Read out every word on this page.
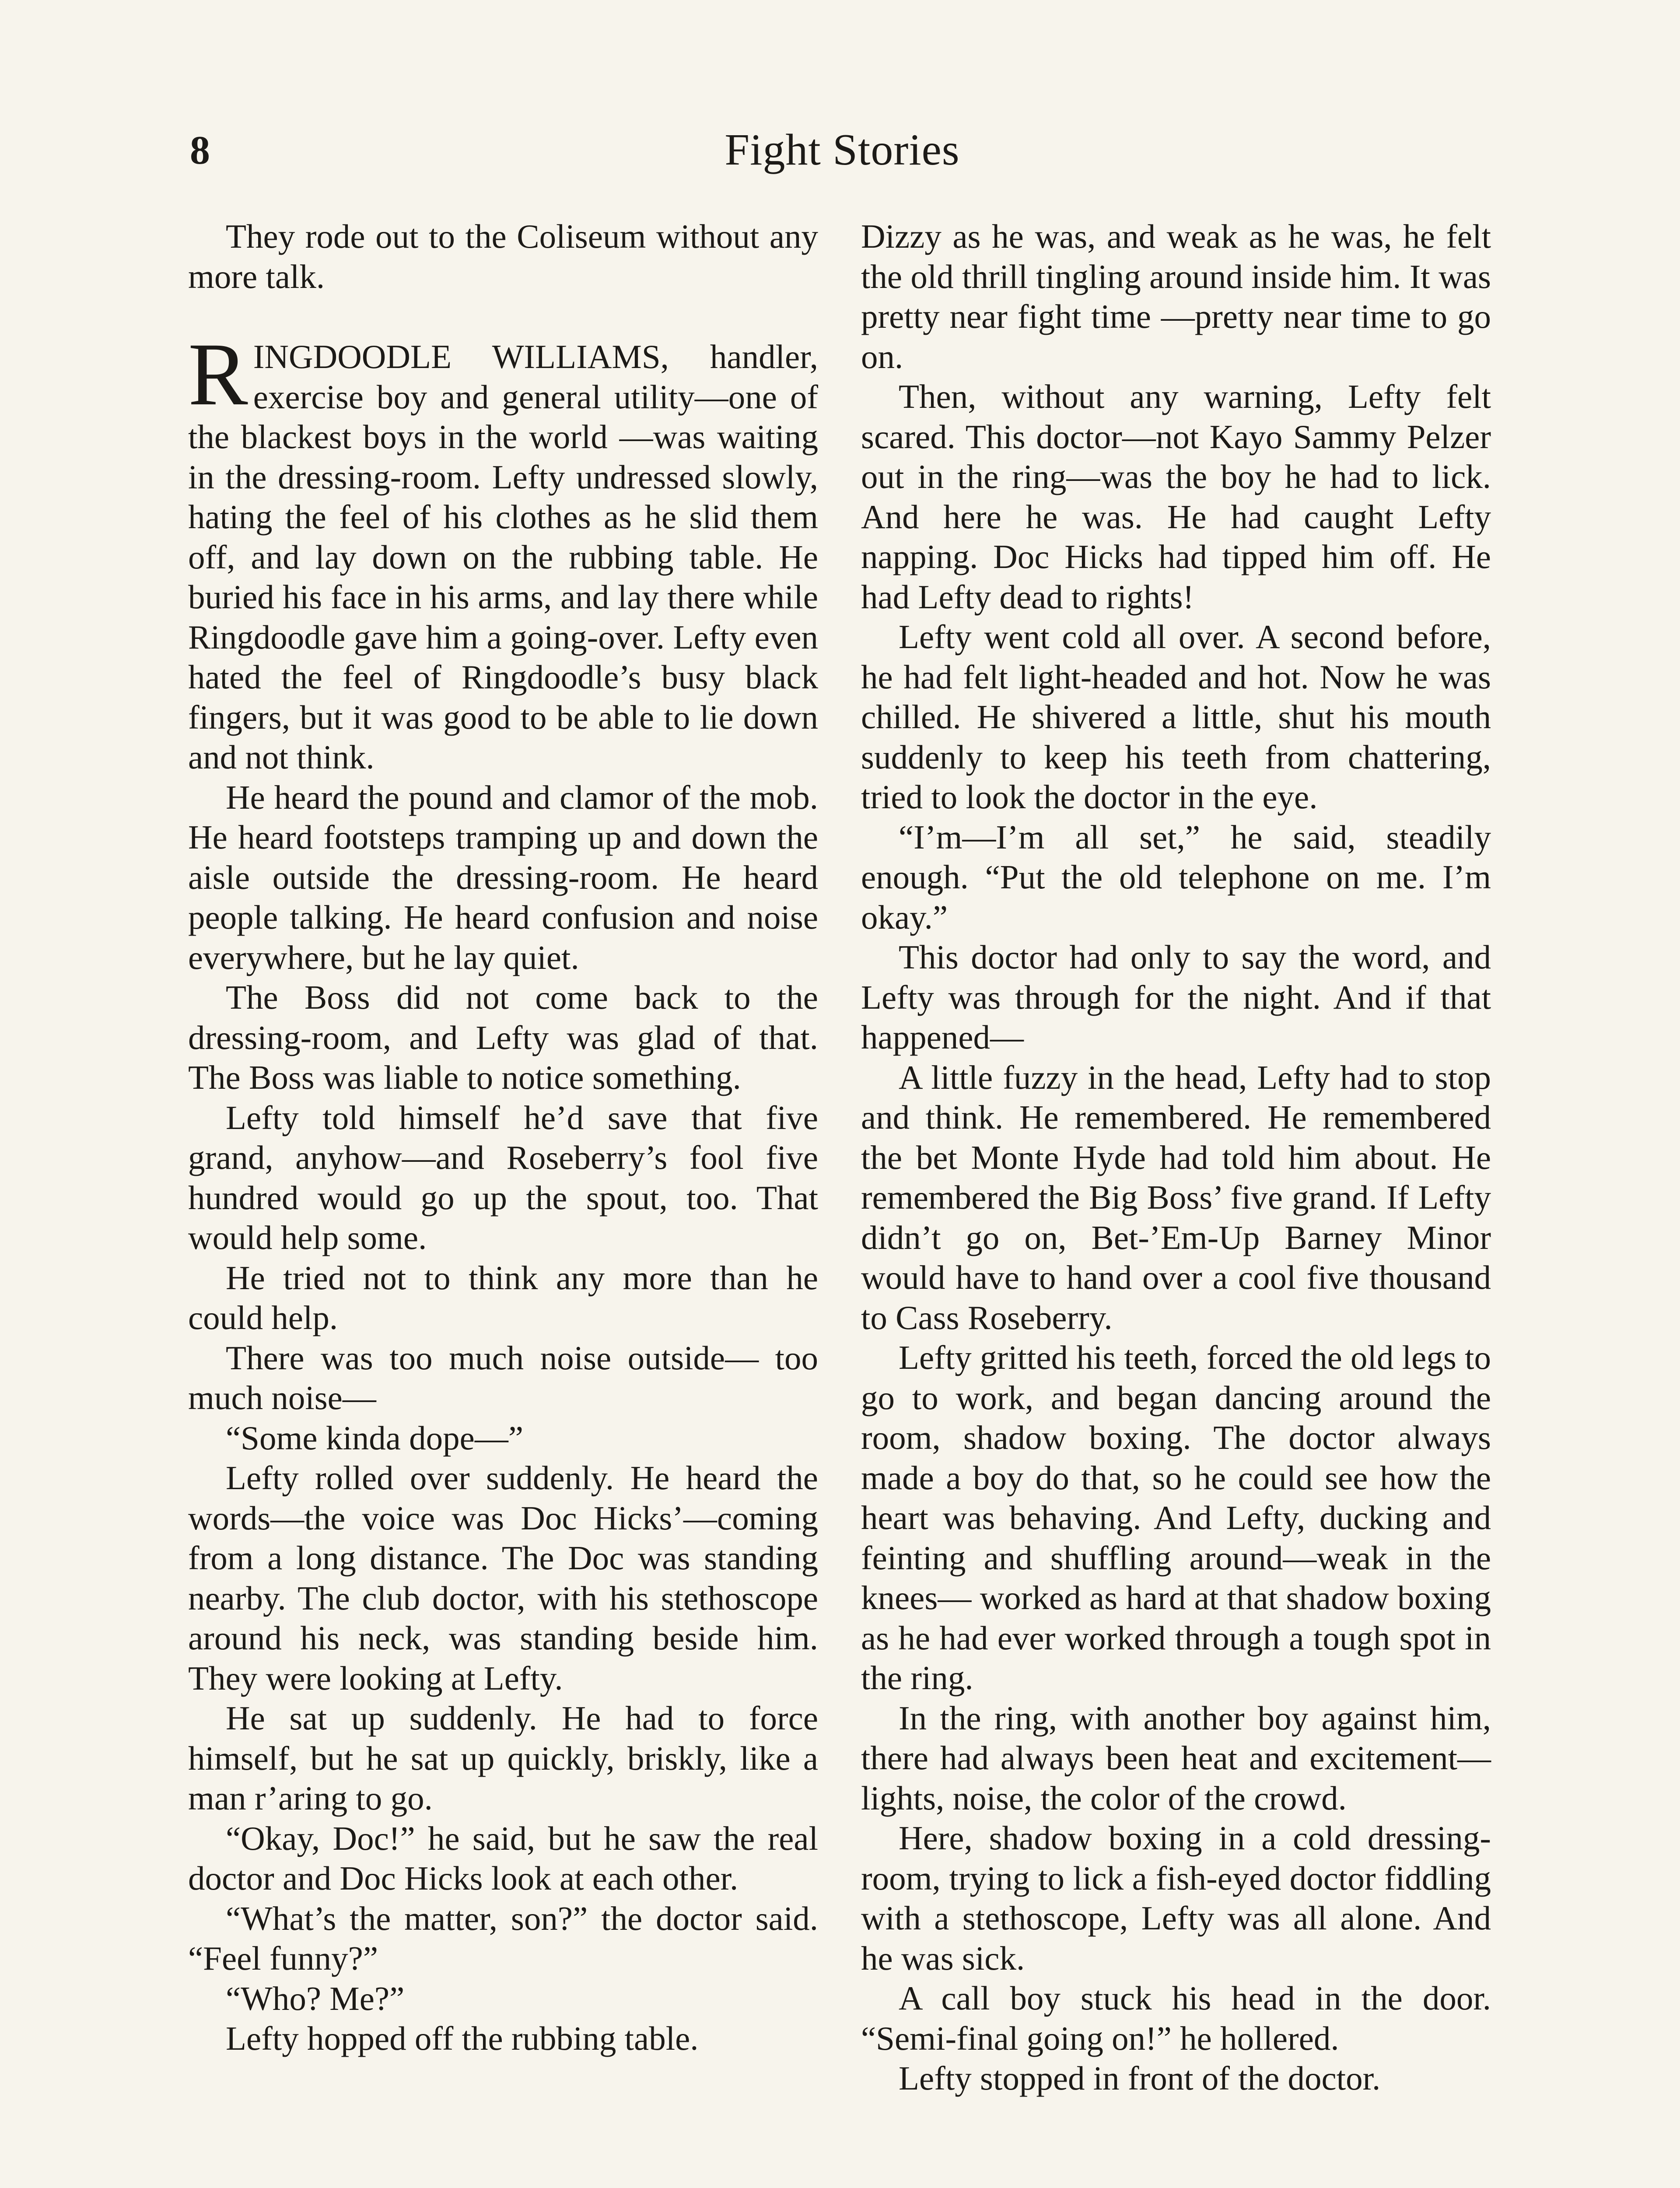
8	Fight Stories

They rode out to the Coliseum without any more talk.

RINGDOODLE WILLIAMS, handler, exercise boy and general utility—one of the blackest boys in the world —was waiting in the dressing-room. Lefty undressed slowly, hating the feel of his clothes as he slid them off, and lay down on the rubbing table. He buried his face in his arms, and lay there while Ringdoodle gave him a going-over. Lefty even hated the feel of Ringdoodle’s busy black fingers, but it was good to be able to lie down and not think.

He heard the pound and clamor of the mob. He heard footsteps tramping up and down the aisle outside the dressing-room. He heard people talking. He heard confusion and noise everywhere, but he lay quiet.

The Boss did not come back to the dressing-room, and Lefty was glad of that. The Boss was liable to notice something.

Lefty told himself he’d save that five grand, anyhow—and Roseberry’s fool five hundred would go up the spout, too. That would help some.

He tried not to think any more than he could help.

There was too much noise outside— too much noise—

“Some kinda dope—”

Lefty rolled over suddenly. He heard the words—the voice was Doc Hicks’—coming from a long distance. The Doc was standing nearby. The club doctor, with his stethoscope around his neck, was standing beside him. They were looking at Lefty.

He sat up suddenly. He had to force himself, but he sat up quickly, briskly, like a man r’aring to go.

“Okay, Doc!” he said, but he saw the real doctor and Doc Hicks look at each other.

“What’s the matter, son?” the doctor said. “Feel funny?”

“Who? Me?”

Lefty hopped off the rubbing table.

Dizzy as he was, and weak as he was, he felt the old thrill tingling around inside him. It was pretty near fight time —pretty near time to go on.

Then, without any warning, Lefty felt scared. This doctor—not Kayo Sammy Pelzer out in the ring—was the boy he had to lick. And here he was. He had caught Lefty napping. Doc Hicks had tipped him off. He had Lefty dead to rights!

Lefty went cold all over. A second before, he had felt light-headed and hot. Now he was chilled. He shivered a little, shut his mouth suddenly to keep his teeth from chattering, tried to look the doctor in the eye.

“I’m—I’m all set,” he said, steadily enough. “Put the old telephone on me. I’m okay.”

This doctor had only to say the word, and Lefty was through for the night. And if that happened—

A little fuzzy in the head, Lefty had to stop and think. He remembered. He remembered the bet Monte Hyde had told him about. He remembered the Big Boss’ five grand. If Lefty didn’t go on, Bet-’Em-Up Barney Minor would have to hand over a cool five thousand to Cass Roseberry.

Lefty gritted his teeth, forced the old legs to go to work, and began dancing around the room, shadow boxing. The doctor always made a boy do that, so he could see how the heart was behaving. And Lefty, ducking and feinting and shuffling around—weak in the knees— worked as hard at that shadow boxing as he had ever worked through a tough spot in the ring.

In the ring, with another boy against him, there had always been heat and excitement—lights, noise, the color of the crowd.

Here, shadow boxing in a cold dressing-room, trying to lick a fish-eyed doctor fiddling with a stethoscope, Lefty was all alone. And he was sick.

A call boy stuck his head in the door. “Semi-final going on!” he hollered.

Lefty stopped in front of the doctor.
